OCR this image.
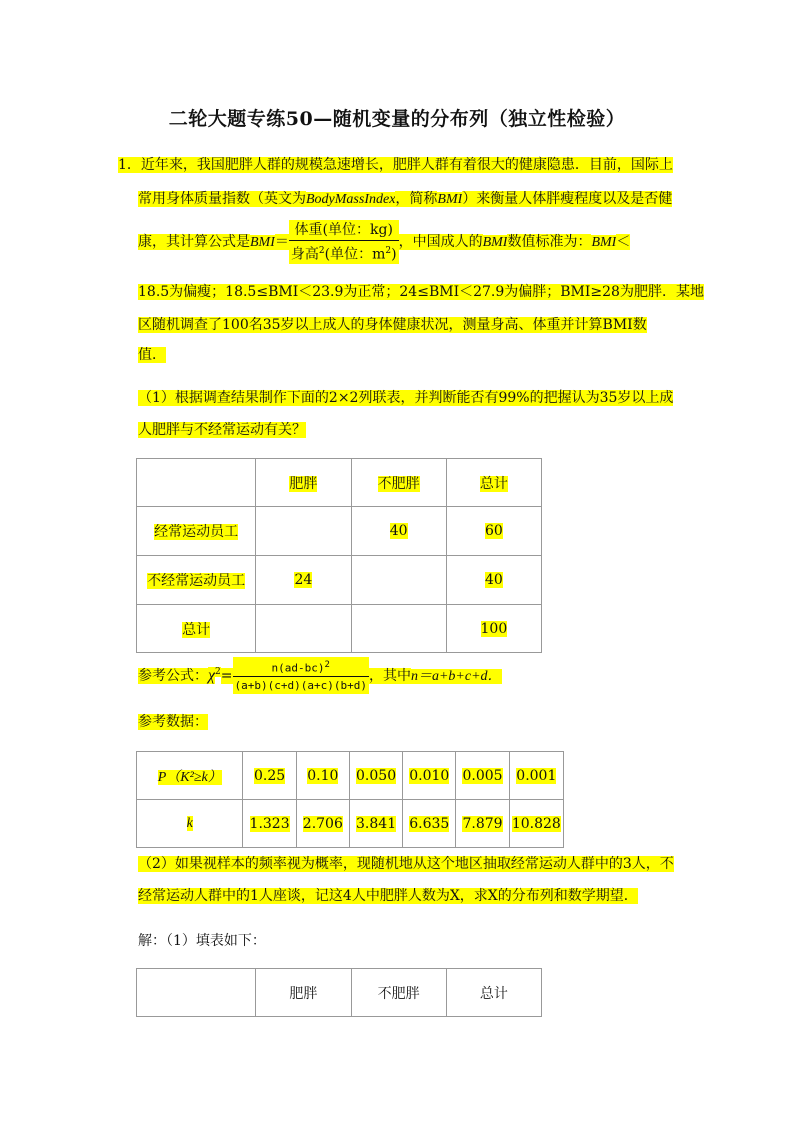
二轮大题专练50—随机变量的分布列（独立性检验）
1．近年来，我国肥胖人群的规模急速增长，肥胖人群有着很大的健康隐患．目前，国际上
常用身体质量指数（英文为BodyMassIndex，简称BMI）来衡量人体胖瘦程度以及是否健
康，其计算公式是$BMI= \frac{\text{体重(单位：kg)}}{身高^2(单位:m^2)}$ ，中国成人的BMI数值标准为：BMI＜
18.5为偏瘦；18.5≤BMI＜23.9为正常；24≤BMI＜27.9为偏胖；BMI≥28为肥胖．某地
区随机调查了100名35岁以上成人的身体健康状况，测量身高、体重并计算BMI数
值．
（1）根据调查结果制作下面的2×2列联表，并判断能否有99%的把握认为35岁以上成
人肥胖与不经常运动有关？
	肥胖	不肥胖	总计
经常运动员工		40	60
不经常运动员工	24		40
总计			100
参考公式：$\chi^2= \frac{n(ad-bc)^2}{(a+b)(c+d)(a+c)(b+d)}$ ，其中n＝a+b+c+d．
参考数据：
P（K²≥k）	0.25	0.10	0.050	0.010	0.005	0.001
k	1.323	2.706	3.841	6.635	7.879	10.828
（2）如果视样本的频率视为概率，现随机地从这个地区抽取经常运动人群中的3人，不
经常运动人群中的1人座谈，记这4人中肥胖人数为X，求X的分布列和数学期望．
解：（1）填表如下：
	肥胖	不肥胖	总计
